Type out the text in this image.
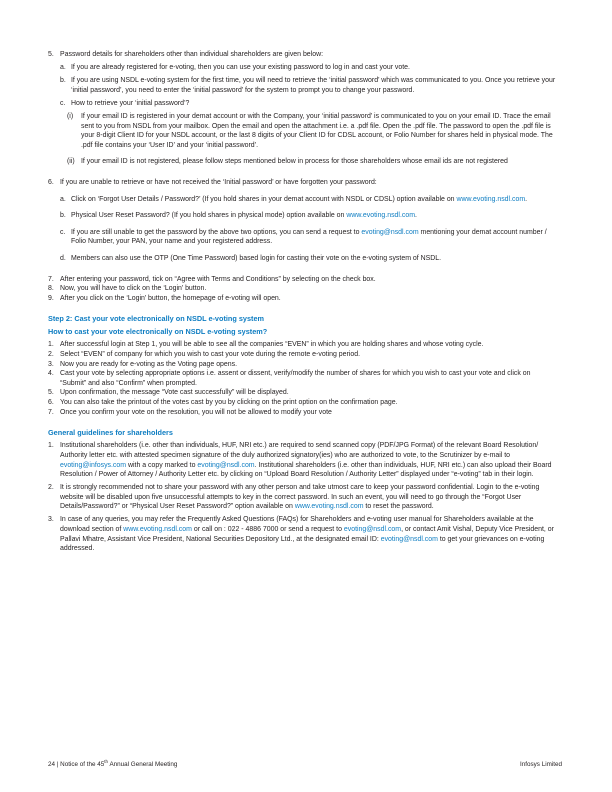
5. Password details for shareholders other than individual shareholders are given below:
a. If you are already registered for e-voting, then you can use your existing password to log in and cast your vote.
b. If you are using NSDL e-voting system for the first time, you will need to retrieve the ‘initial password’ which was communicated to you. Once you retrieve your ‘initial password’, you need to enter the ‘initial password’ for the system to prompt you to change your password.
c. How to retrieve your ‘initial password’?
(i)	If your email ID is registered in your demat account or with the Company, your ‘initial password’ is communicated to you on your email ID. Trace the email sent to you from NSDL from your mailbox. Open the email and open the attachment i.e. a .pdf file. Open the .pdf file. The password to open the .pdf file is your 8-digit Client ID for your NSDL account, or the last 8 digits of your Client ID for CDSL account, or Folio Number for shares held in physical mode. The .pdf file contains your ‘User ID’ and your ‘initial password’.
(ii) If your email ID is not registered, please follow steps mentioned below in process for those shareholders whose email ids are not registered
6. If you are unable to retrieve or have not received the ‘Initial password’ or have forgotten your password:
a. Click on ‘Forgot User Details / Password?’ (If you hold shares in your demat account with NSDL or CDSL) option available on www.evoting.nsdl.com.
b. Physical User Reset Password? (If you hold shares in physical mode) option available on www.evoting.nsdl.com.
c. If you are still unable to get the password by the above two options, you can send a request to evoting@nsdl.com mentioning your demat account number / Folio Number, your PAN, your name and your registered address.
d. Members can also use the OTP (One Time Password) based login for casting their vote on the e-voting system of NSDL.
7. After entering your password, tick on “Agree with Terms and Conditions” by selecting on the check box.
8. Now, you will have to click on the ‘Login’ button.
9. After you click on the ‘Login’ button, the homepage of e-voting will open.
Step 2: Cast your vote electronically on NSDL e-voting system
How to cast your vote electronically on NSDL e-voting system?
1. After successful login at Step 1, you will be able to see all the companies “EVEN” in which you are holding shares and whose voting cycle.
2. Select “EVEN” of company for which you wish to cast your vote during the remote e-voting period.
3. Now you are ready for e-voting as the Voting page opens.
4. Cast your vote by selecting appropriate options i.e. assent or dissent, verify/modify the number of shares for which you wish to cast your vote and click on “Submit” and also “Confirm” when prompted.
5. Upon confirmation, the message “Vote cast successfully” will be displayed.
6. You can also take the printout of the votes cast by you by clicking on the print option on the confirmation page.
7. Once you confirm your vote on the resolution, you will not be allowed to modify your vote
General guidelines for shareholders
1. Institutional shareholders (i.e. other than individuals, HUF, NRI etc.) are required to send scanned copy (PDF/JPG Format) of the relevant Board Resolution/ Authority letter etc. with attested specimen signature of the duly authorized signatory(ies) who are authorized to vote, to the Scrutinizer by e-mail to evoting@infosys.com with a copy marked to evoting@nsdl.com. Institutional shareholders (i.e. other than individuals, HUF, NRI etc.) can also upload their Board Resolution / Power of Attorney / Authority Letter etc. by clicking on “Upload Board Resolution / Authority Letter” displayed under “e-voting” tab in their login.
2. It is strongly recommended not to share your password with any other person and take utmost care to keep your password confidential. Login to the e-voting website will be disabled upon five unsuccessful attempts to key in the correct password. In such an event, you will need to go through the “Forgot User Details/Password?” or “Physical User Reset Password?” option available on www.evoting.nsdl.com to reset the password.
3. In case of any queries, you may refer the Frequently Asked Questions (FAQs) for Shareholders and e-voting user manual for Shareholders available at the download section of www.evoting.nsdl.com or call on : 022 - 4886 7000 or send a request to evoting@nsdl.com, or contact Amit Vishal, Deputy Vice President, or Pallavi Mhatre, Assistant Vice President, National Securities Depository Ltd., at the designated email ID: evoting@nsdl.com to get your grievances on e-voting addressed.
24 | Notice of the 45th Annual General Meeting	Infosys Limited
